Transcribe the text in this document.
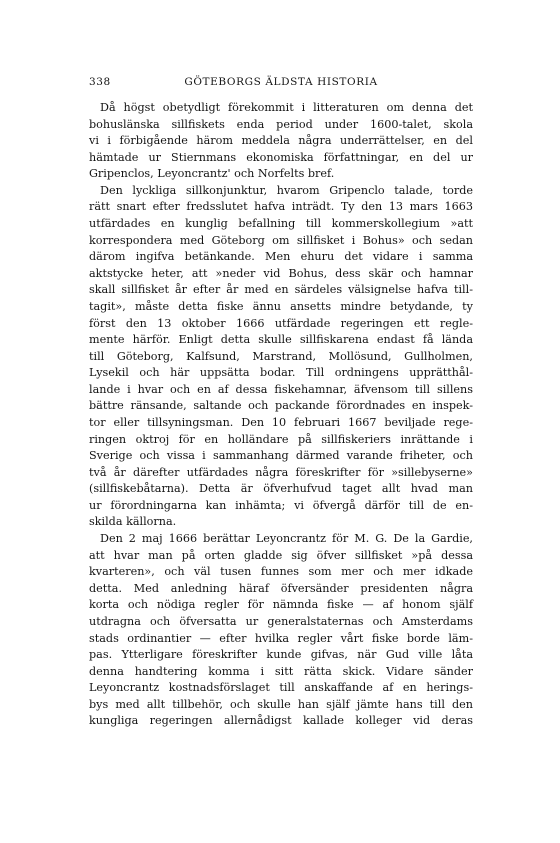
338	GÖTEBORGS ÄLDSTA HISTORIA
Då högst obetydligt förekommit i litteraturen om denna det
bohuslänska sillfiskets enda period under 1600-talet, skola
vi i förbigående härom meddela några underrättelser, en del
hämtade ur Stiernmans ekonomiska författningar, en del ur
Gripenclos, Leyoncrantz' och Norfelts bref.
Den lyckliga sillkonjunktur, hvarom Gripenclo talade, torde
rätt snart efter fredsslutet hafva inträdt. Ty den 13 mars 1663
utfärdades en kunglig befallning till kommerskollegium »att
korrespondera med Göteborg om sillfisket i Bohus» och sedan
därom ingifva betänkande. Men ehuru det vidare i samma
aktstycke heter, att »neder vid Bohus, dess skär och hamnar
skall sillfisket år efter år med en särdeles välsignelse hafva till-
tagit», måste detta fiske ännu ansetts mindre betydande, ty
först den 13 oktober 1666 utfärdade regeringen ett regle-
mente härför. Enligt detta skulle sillfiskarena endast få lända
till Göteborg, Kalfsund, Marstrand, Mollösund, Gullholmen,
Lysekil och här uppsätta bodar. Till ordningens upprätthål-
lande i hvar och en af dessa fiskehamnar, äfvensom till sillens
bättre ränsande, saltande och packande förordnades en inspek-
tor eller tillsyningsman. Den 10 februari 1667 beviljade rege-
ringen oktroj för en holländare på sillfiskeriers inrättande i
Sverige och vissa i sammanhang därmed varande friheter, och
två år därefter utfärdades några föreskrifter för »sillebyserne»
(sillfiskebåtarna). Detta är öfverhufvud taget allt hvad man
ur förordningarna kan inhämta; vi öfvergå därför till de en-
skilda källorna.
Den 2 maj 1666 berättar Leyoncrantz för M. G. De la Gardie,
att hvar man på orten gladde sig öfver sillfisket »på dessa
kvarteren», och väl tusen funnes som mer och mer idkade
detta. Med anledning häraf öfversänder presidenten några
korta och nödiga regler för nämnda fiske — af honom själf
utdragna och öfversatta ur generalstaternas och Amsterdams
stads ordinantier — efter hvilka regler vårt fiske borde läm-
pas. Ytterligare föreskrifter kunde gifvas, när Gud ville låta
denna handtering komma i sitt rätta skick. Vidare sänder
Leyoncrantz kostnadsförslaget till anskaffande af en herings-
bys med allt tillbehör, och skulle han själf jämte hans till den
kungliga regeringen allernådigst kallade kolleger vid deras
